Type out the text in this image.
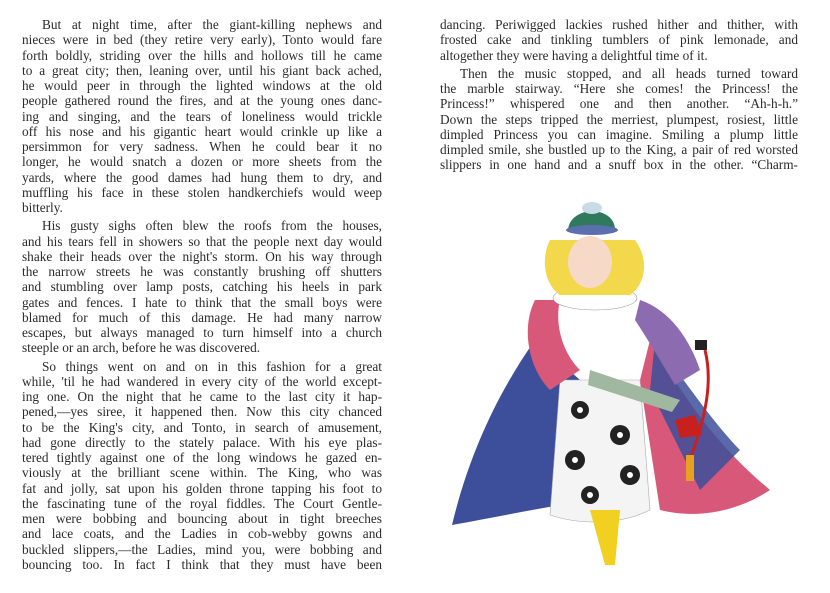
But at night time, after the giant-killing nephews and
nieces were in bed (they retire very early), Tonto would fare
forth boldly, striding over the hills and hollows till he came
to a great city; then, leaning over, until his giant back ached,
he would peer in through the lighted windows at the old
people gathered round the fires, and at the young ones danc-
ing and singing, and the tears of loneliness would trickle
off his nose and his gigantic heart would crinkle up like a
persimmon for very sadness. When he could bear it no
longer, he would snatch a dozen or more sheets from the
yards, where the good dames had hung them to dry, and
muffling his face in these stolen handkerchiefs would weep
bitterly.
His gusty sighs often blew the roofs from the houses,
and his tears fell in showers so that the people next day would
shake their heads over the night's storm. On his way through
the narrow streets he was constantly brushing off shutters
and stumbling over lamp posts, catching his heels in park
gates and fences. I hate to think that the small boys were
blamed for much of this damage. He had many narrow
escapes, but always managed to turn himself into a church
steeple or an arch, before he was discovered.
So things went on and on in this fashion for a great
while, 'til he had wandered in every city of the world except-
ing one. On the night that he came to the last city it hap-
pened,—yes siree, it happened then. Now this city chanced
to be the King's city, and Tonto, in search of amusement,
had gone directly to the stately palace. With his eye plas-
tered tightly against one of the long windows he gazed en-
viously at the brilliant scene within. The King, who was
fat and jolly, sat upon his golden throne tapping his foot to
the fascinating tune of the royal fiddles. The Court Gentle-
men were bobbing and bouncing about in tight breeches
and lace coats, and the Ladies in cob-webby gowns and
buckled slippers,—the Ladies, mind you, were bobbing and
bouncing too. In fact I think that they must have been
dancing. Periwigged lackies rushed hither and thither, with
frosted cake and tinkling tumblers of pink lemonade, and
altogether they were having a delightful time of it.
Then the music stopped, and all heads turned toward
the marble stairway. “Here she comes! the Princess! the
Princess!” whispered one and then another. “Ah-h-h.”
Down the steps tripped the merriest, plumpest, rosiest, little
dimpled Princess you can imagine. Smiling a plump little
dimpled smile, she bustled up to the King, a pair of red worsted
slippers in one hand and a snuff box in the other. “Charm-
